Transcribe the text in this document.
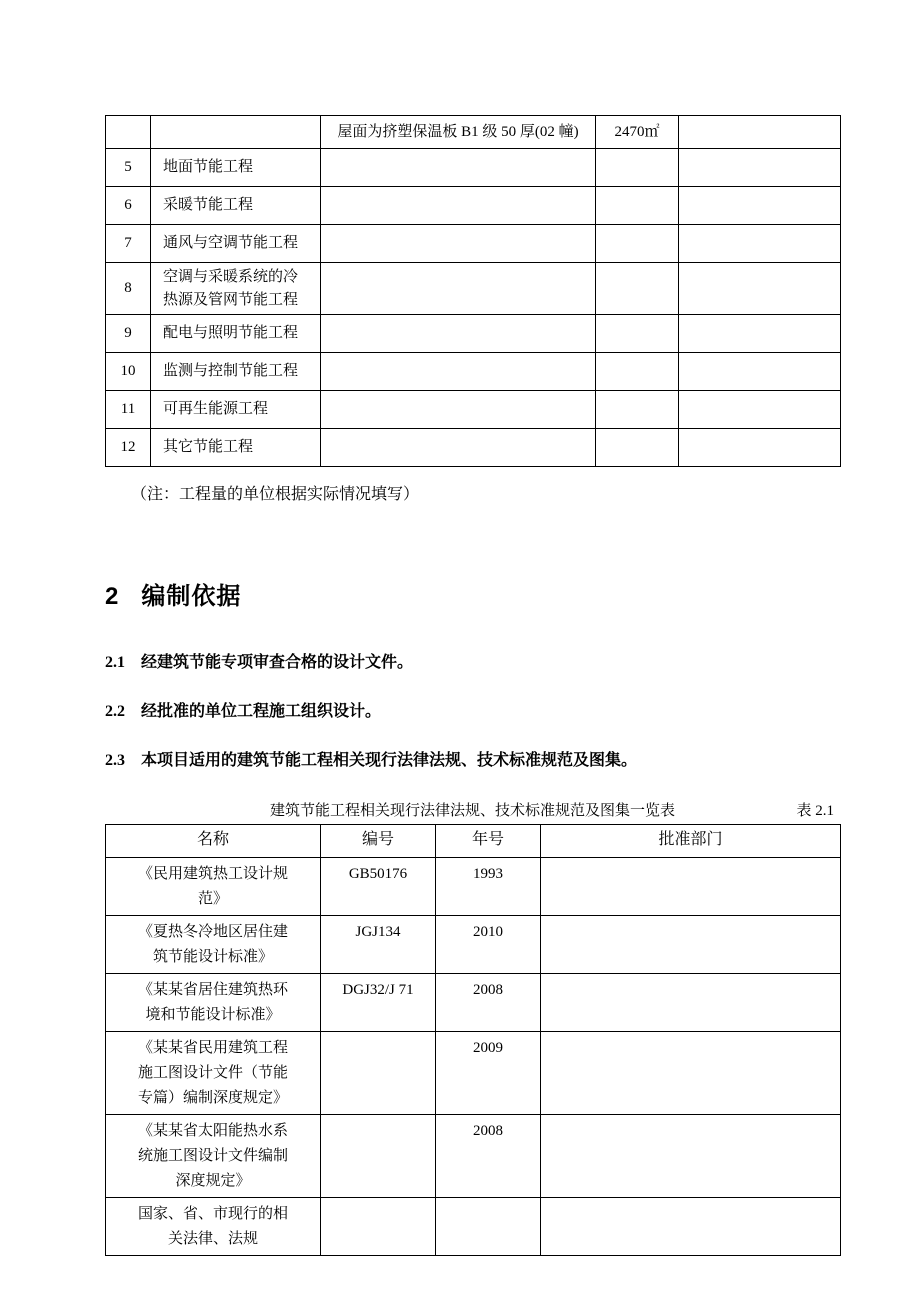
		屋面为挤塑保温板 B1 级 50 厚(02 幢)	2470㎡	
5	地面节能工程			
6	采暖节能工程			
7	通风与空调节能工程			
8	空调与采暖系统的冷热源及管网节能工程			
9	配电与照明节能工程			
10	监测与控制节能工程			
11	可再生能源工程			
12	其它节能工程			

（注：工程量的单位根据实际情况填写）

2 编制依据

2.1 经建筑节能专项审查合格的设计文件。

2.2 经批准的单位工程施工组织设计。

2.3 本项目适用的建筑节能工程相关现行法律法规、技术标准规范及图集。

建筑节能工程相关现行法律法规、技术标准规范及图集一览表	表 2.1
名称	编号	年号	批准部门
《民用建筑热工设计规范》	GB50176	1993	
《夏热冬冷地区居住建筑节能设计标准》	JGJ134	2010	
《某某省居住建筑热环境和节能设计标准》	DGJ32/J 71	2008	
《某某省民用建筑工程施工图设计文件（节能专篇）编制深度规定》		2009	
《某某省太阳能热水系统施工图设计文件编制深度规定》		2008	
国家、省、市现行的相关法律、法规			
